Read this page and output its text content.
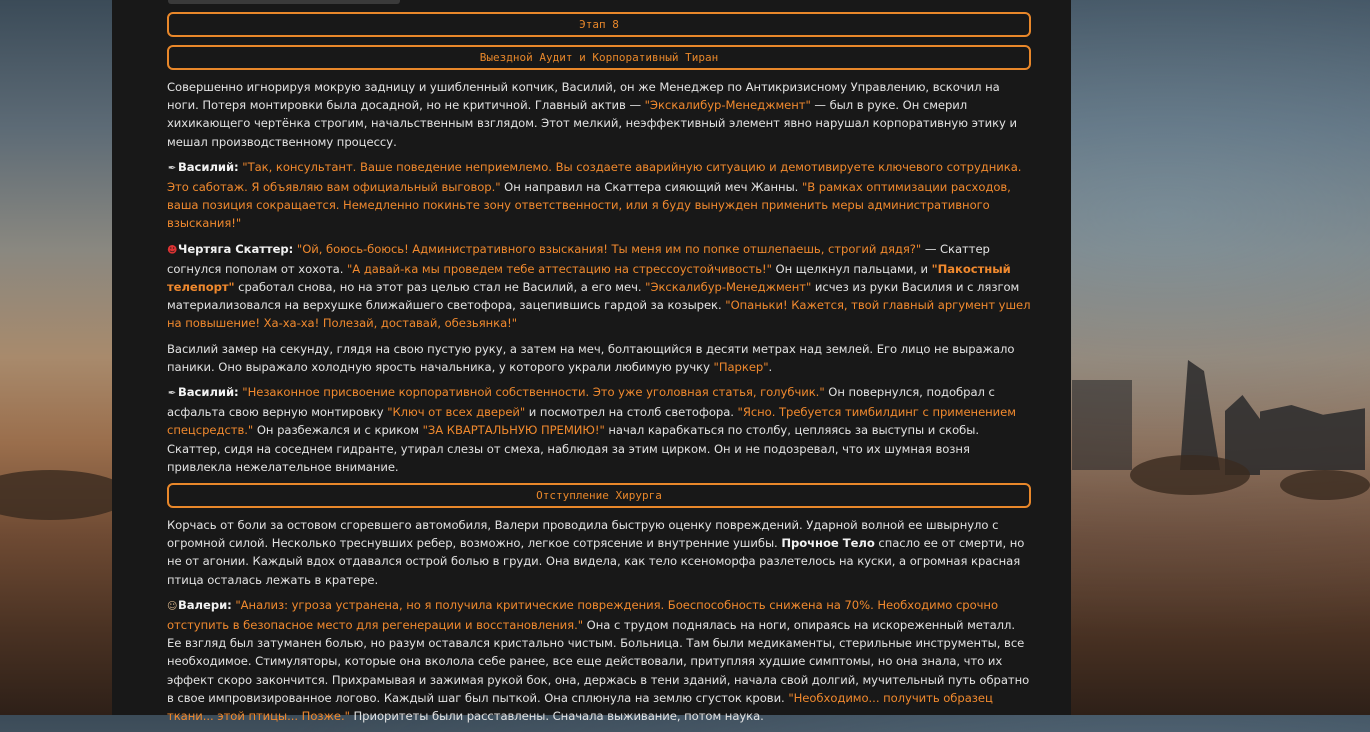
Этап 8
Выездной Аудит и Корпоративный Тиран

Совершенно игнорируя мокрую задницу и ушибленный копчик, Василий, он же Менеджер по Антикризисному Управлению, вскочил на ноги. Потеря монтировки была досадной, но не критичной. Главный актив — "Экскалибур-Менеджмент" — был в руке. Он смерил хихикающего чертёнка строгим, начальственным взглядом. Этот мелкий, неэффективный элемент явно нарушал корпоративную этику и мешал производственному процессу.

✒ Василий: "Так, консультант. Ваше поведение неприемлемо. Вы создаете аварийную ситуацию и демотивируете ключевого сотрудника. Это саботаж. Я объявляю вам официальный выговор." Он направил на Скаттера сияющий меч Жанны. "В рамках оптимизации расходов, ваша позиция сокращается. Немедленно покиньте зону ответственности, или я буду вынужден применить меры административного взыскания!"

☻Чертяга Скаттер: "Ой, боюсь-боюсь! Административного взыскания! Ты меня им по попке отшлепаешь, строгий дядя?" — Скаттер согнулся пополам от хохота. "А давай-ка мы проведем тебе аттестацию на стрессоустойчивость!" Он щелкнул пальцами, и "Пакостный телепорт" сработал снова, но на этот раз целью стал не Василий, а его меч. "Экскалибур-Менеджмент" исчез из руки Василия и с лязгом материализовался на верхушке ближайшего светофора, зацепившись гардой за козырек. "Опаньки! Кажется, твой главный аргумент ушел на повышение! Ха-ха-ха! Полезай, доставай, обезьянка!"

Василий замер на секунду, глядя на свою пустую руку, а затем на меч, болтающийся в десяти метрах над землей. Его лицо не выражало паники. Оно выражало холодную ярость начальника, у которого украли любимую ручку "Паркер".

✒ Василий: "Незаконное присвоение корпоративной собственности. Это уже уголовная статья, голубчик." Он повернулся, подобрал с асфальта свою верную монтировку "Ключ от всех дверей" и посмотрел на столб светофора. "Ясно. Требуется тимбилдинг с применением спецсредств." Он разбежался и с криком "ЗА КВАРТАЛЬНУЮ ПРЕМИЮ!" начал карабкаться по столбу, цепляясь за выступы и скобы. Скаттер, сидя на соседнем гидранте, утирал слезы от смеха, наблюдая за этим цирком. Он и не подозревал, что их шумная возня привлекла нежелательное внимание.

Отступление Хирурга

Корчась от боли за остовом сгоревшего автомобиля, Валери проводила быструю оценку повреждений. Ударной волной ее швырнуло с огромной силой. Несколько треснувших ребер, возможно, легкое сотрясение и внутренние ушибы. Прочное Тело спасло ее от смерти, но не от агонии. Каждый вдох отдавался острой болью в груди. Она видела, как тело ксеноморфа разлетелось на куски, а огромная красная птица осталась лежать в кратере.

☺Валери: "Анализ: угроза устранена, но я получила критические повреждения. Боеспособность снижена на 70%. Необходимо срочно отступить в безопасное место для регенерации и восстановления." Она с трудом поднялась на ноги, опираясь на искореженный металл. Ее взгляд был затуманен болью, но разум оставался кристально чистым. Больница. Там были медикаменты, стерильные инструменты, все необходимое. Стимуляторы, которые она вколола себе ранее, все еще действовали, притупляя худшие симптомы, но она знала, что их эффект скоро закончится. Прихрамывая и зажимая рукой бок, она, держась в тени зданий, начала свой долгий, мучительный путь обратно в свое импровизированное логово. Каждый шаг был пыткой. Она сплюнула на землю сгусток крови. "Необходимо... получить образец ткани... этой птицы... Позже." Приоритеты были расставлены. Сначала выживание, потом наука.
